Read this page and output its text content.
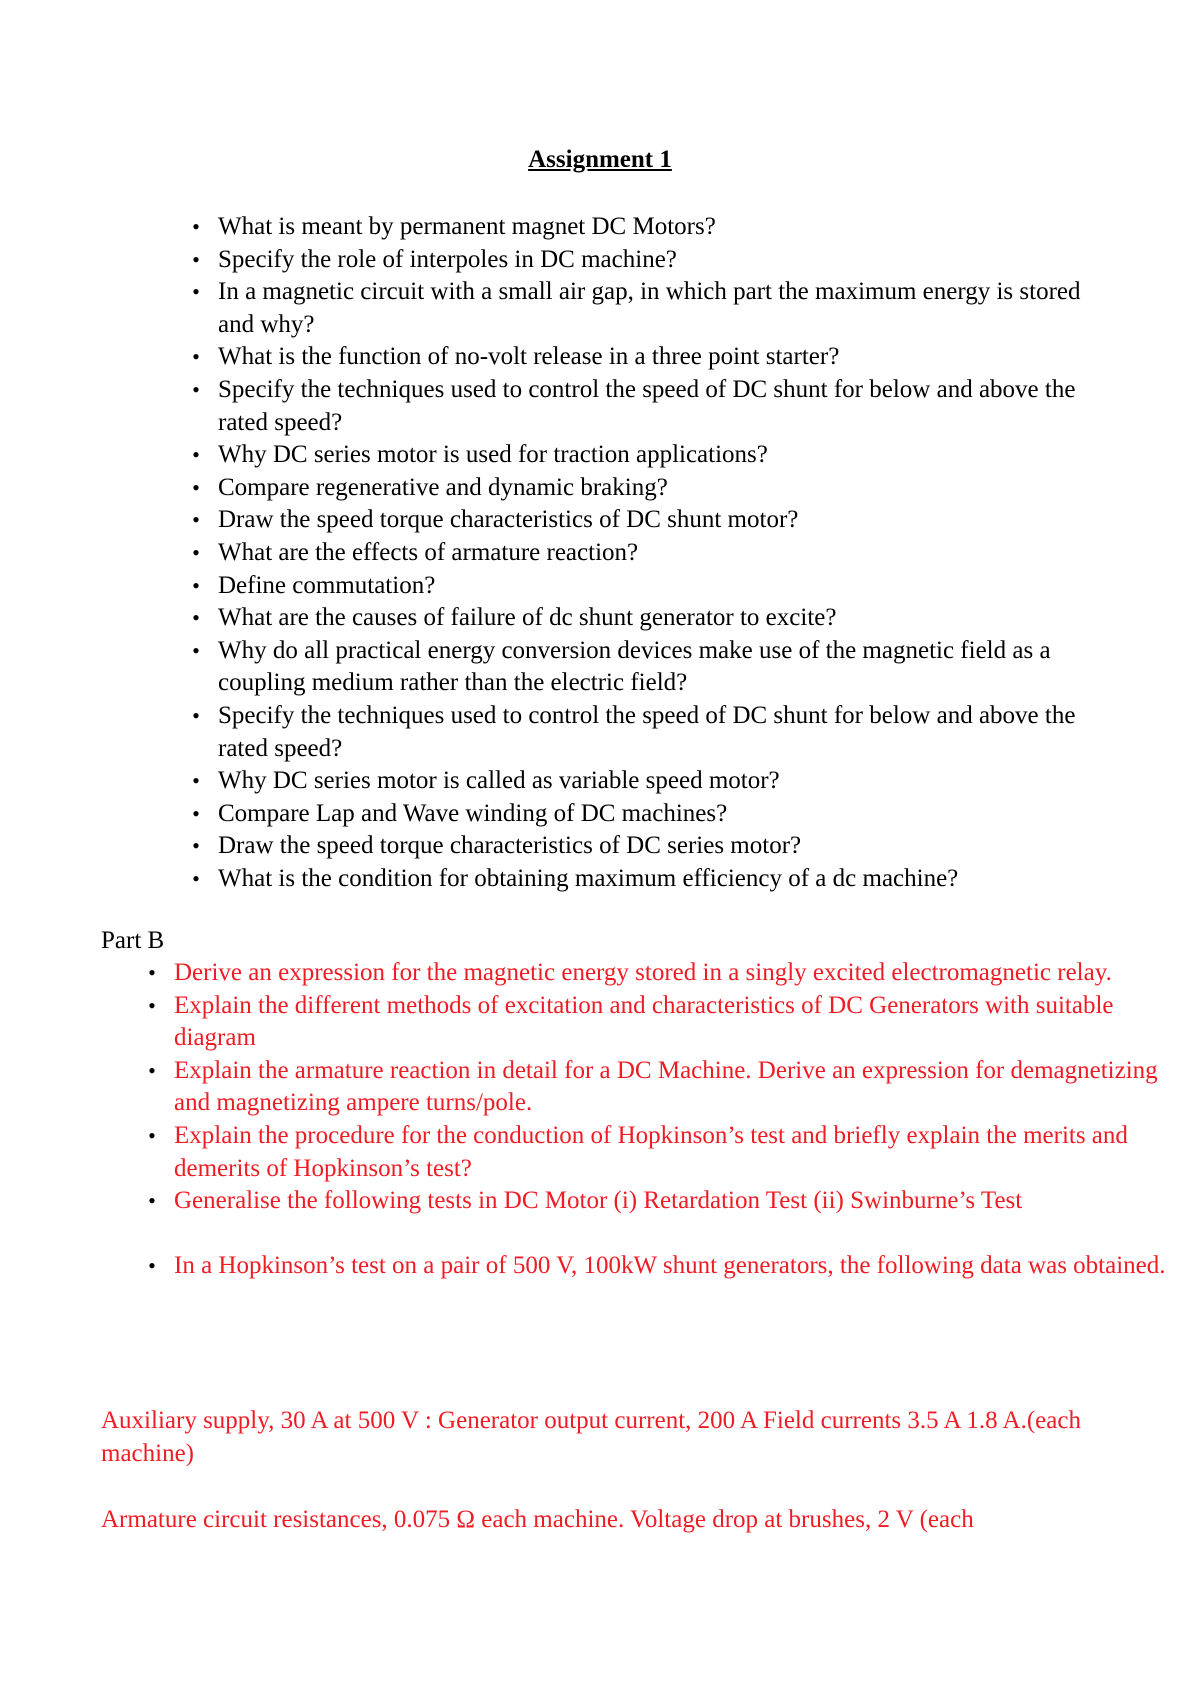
Assignment 1
• What is meant by permanent magnet DC Motors?
• Specify the role of interpoles in DC machine?
• In a magnetic circuit with a small air gap, in which part the maximum energy is stored and why?
• What is the function of no-volt release in a three point starter?
• Specify the techniques used to control the speed of DC shunt for below and above the rated speed?
• Why DC series motor is used for traction applications?
• Compare regenerative and dynamic braking?
• Draw the speed torque characteristics of DC shunt motor?
• What are the effects of armature reaction?
• Define commutation?
• What are the causes of failure of dc shunt generator to excite?
• Why do all practical energy conversion devices make use of the magnetic field as a coupling medium rather than the electric field?
• Specify the techniques used to control the speed of DC shunt for below and above the rated speed?
• Why DC series motor is called as variable speed motor?
• Compare Lap and Wave winding of DC machines?
• Draw the speed torque characteristics of DC series motor?
• What is the condition for obtaining maximum efficiency of a dc machine?
Part B
• Derive an expression for the magnetic energy stored in a singly excited electromagnetic relay.
• Explain the different methods of excitation and characteristics of DC Generators with suitable diagram
• Explain the armature reaction in detail for a DC Machine. Derive an expression for demagnetizing and magnetizing ampere turns/pole.
• Explain the procedure for the conduction of Hopkinson’s test and briefly explain the merits and demerits of Hopkinson’s test?
• Generalise the following tests in DC Motor (i) Retardation Test (ii) Swinburne’s Test
• In a Hopkinson’s test on a pair of 500 V, 100kW shunt generators, the following data was obtained.
Auxiliary supply, 30 A at 500 V : Generator output current, 200 A Field currents 3.5 A 1.8 A.(each machine)
Armature circuit resistances, 0.075 Ω each machine. Voltage drop at brushes, 2 V (each
